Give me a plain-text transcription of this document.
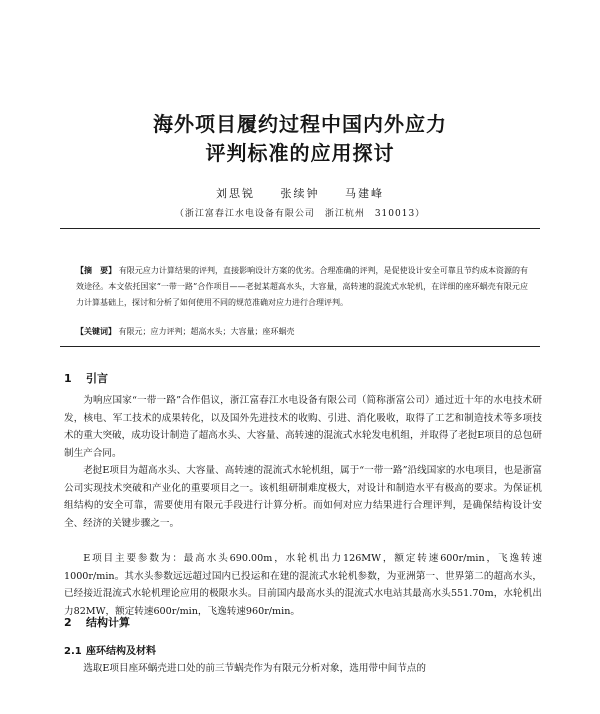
海外项目履约过程中国内外应力
评判标准的应用探讨
刘思锐 张续钟 马建峰
（浙江富春江水电设备有限公司　浙江杭州　310013）

【摘　要】 有限元应力计算结果的评判，直接影响设计方案的优劣。合理准确的评判，是促使设计安全可靠且节约成本资源的有效途径。本文依托国家“一带一路”合作项目——老挝某超高水头，大容量，高转速的混流式水轮机，在详细的座环蜗壳有限元应力计算基础上，探讨和分析了如何使用不同的规范准确对应力进行合理评判。

【关键词】 有限元；应力评判；超高水头；大容量；座环蜗壳

1 引言

为响应国家“一带一路”合作倡议，浙江富春江水电设备有限公司（简称浙富公司）通过近十年的水电技术研发，核电、军工技术的成果转化，以及国外先进技术的收购、引进、消化吸收，取得了工艺和制造技术等多项技术的重大突破，成功设计制造了超高水头、大容量、高转速的混流式水轮发电机组，并取得了老挝E项目的总包研制生产合同。

老挝E项目为超高水头、大容量、高转速的混流式水轮机组，属于“一带一路”沿线国家的水电项目，也是浙富公司实现技术突破和产业化的重要项目之一。该机组研制难度极大，对设计和制造水平有极高的要求。为保证机组结构的安全可靠，需要使用有限元手段进行计算分析。而如何对应力结果进行合理评判，是确保结构设计安全、经济的关键步骤之一。

E项目主要参数为：最高水头690.00m，水轮机出力126MW，额定转速600r/min，飞逸转速1000r/min。其水头参数远远超过国内已投运和在建的混流式水轮机参数，为亚洲第一、世界第二的超高水头，已经接近混流式水轮机理论应用的极限水头。目前国内最高水头的混流式水电站其最高水头551.70m，水轮机出力82MW，额定转速600r/min，飞逸转速960r/min。

2 结构计算
2.1 座环结构及材料

选取E项目座环蜗壳进口处的前三节蜗壳作为有限元分析对象，选用带中间节点的
